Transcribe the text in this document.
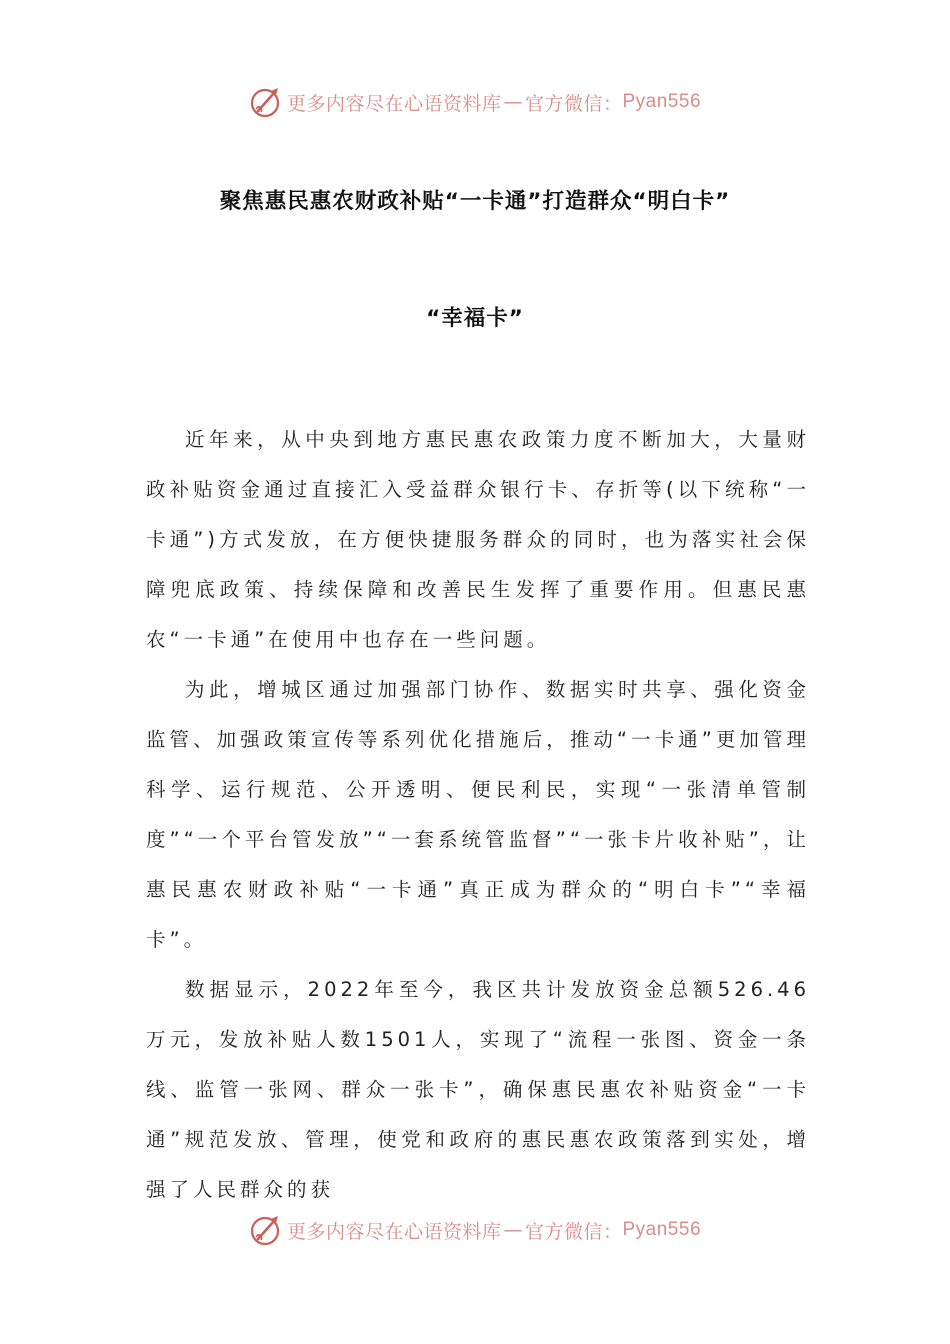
更多内容尽在心语资料库 — 官方微信： Pyan556
聚焦惠民惠农财政补贴“一卡通”打造群众“明白卡”
“幸福卡”

近年来，从中央到地方惠民惠农政策力度不断加大，大量财政补贴资金通过直接汇入受益群众银行卡、存折等(以下统称“一卡通”)方式发放，在方便快捷服务群众的同时，也为落实社会保障兜底政策、持续保障和改善民生发挥了重要作用。但惠民惠农“一卡通”在使用中也存在一些问题。

为此，增城区通过加强部门协作、数据实时共享、强化资金监管、加强政策宣传等系列优化措施后，推动“一卡通”更加管理科学、运行规范、公开透明、便民利民，实现“一张清单管制度”“一个平台管发放”“一套系统管监督”“一张卡片收补贴”，让惠民惠农财政补贴“一卡通”真正成为群众的“明白卡”“幸福卡”。

数据显示，2022年至今，我区共计发放资金总额526.46万元，发放补贴人数1501人，实现了“流程一张图、资金一条线、监管一张网、群众一张卡”，确保惠民惠农补贴资金“一卡通”规范发放、管理，使党和政府的惠民惠农政策落到实处，增强了人民群众的获

更多内容尽在心语资料库 — 官方微信： Pyan556
